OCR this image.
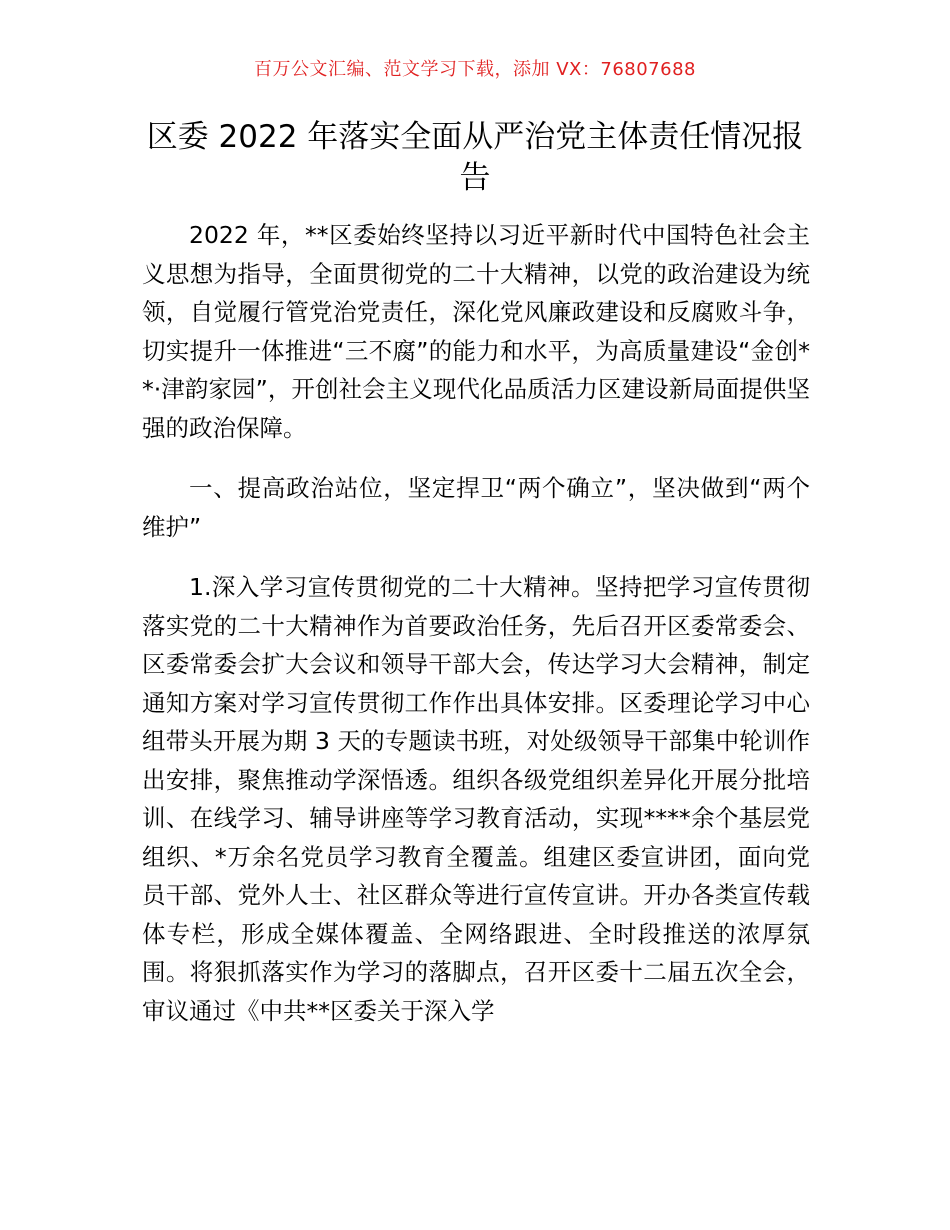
百万公文汇编、范文学习下载，添加 VX：76807688
区委 2022 年落实全面从严治党主体责任情况报告

2022 年，**区委始终坚持以习近平新时代中国特色社会主义思想为指导，全面贯彻党的二十大精神，以党的政治建设为统领，自觉履行管党治党责任，深化党风廉政建设和反腐败斗争，切实提升一体推进“三不腐”的能力和水平，为高质量建设“金创**·津韵家园”，开创社会主义现代化品质活力区建设新局面提供坚强的政治保障。

一、提高政治站位，坚定捍卫“两个确立”，坚决做到“两个维护”

1.深入学习宣传贯彻党的二十大精神。坚持把学习宣传贯彻落实党的二十大精神作为首要政治任务，先后召开区委常委会、区委常委会扩大会议和领导干部大会，传达学习大会精神，制定通知方案对学习宣传贯彻工作作出具体安排。区委理论学习中心组带头开展为期 3 天的专题读书班，对处级领导干部集中轮训作出安排，聚焦推动学深悟透。组织各级党组织差异化开展分批培训、在线学习、辅导讲座等学习教育活动，实现****余个基层党组织、*万余名党员学习教育全覆盖。组建区委宣讲团，面向党员干部、党外人士、社区群众等进行宣传宣讲。开办各类宣传载体专栏，形成全媒体覆盖、全网络跟进、全时段推送的浓厚氛围。将狠抓落实作为学习的落脚点，召开区委十二届五次全会，审议通过《中共**区委关于深入学
